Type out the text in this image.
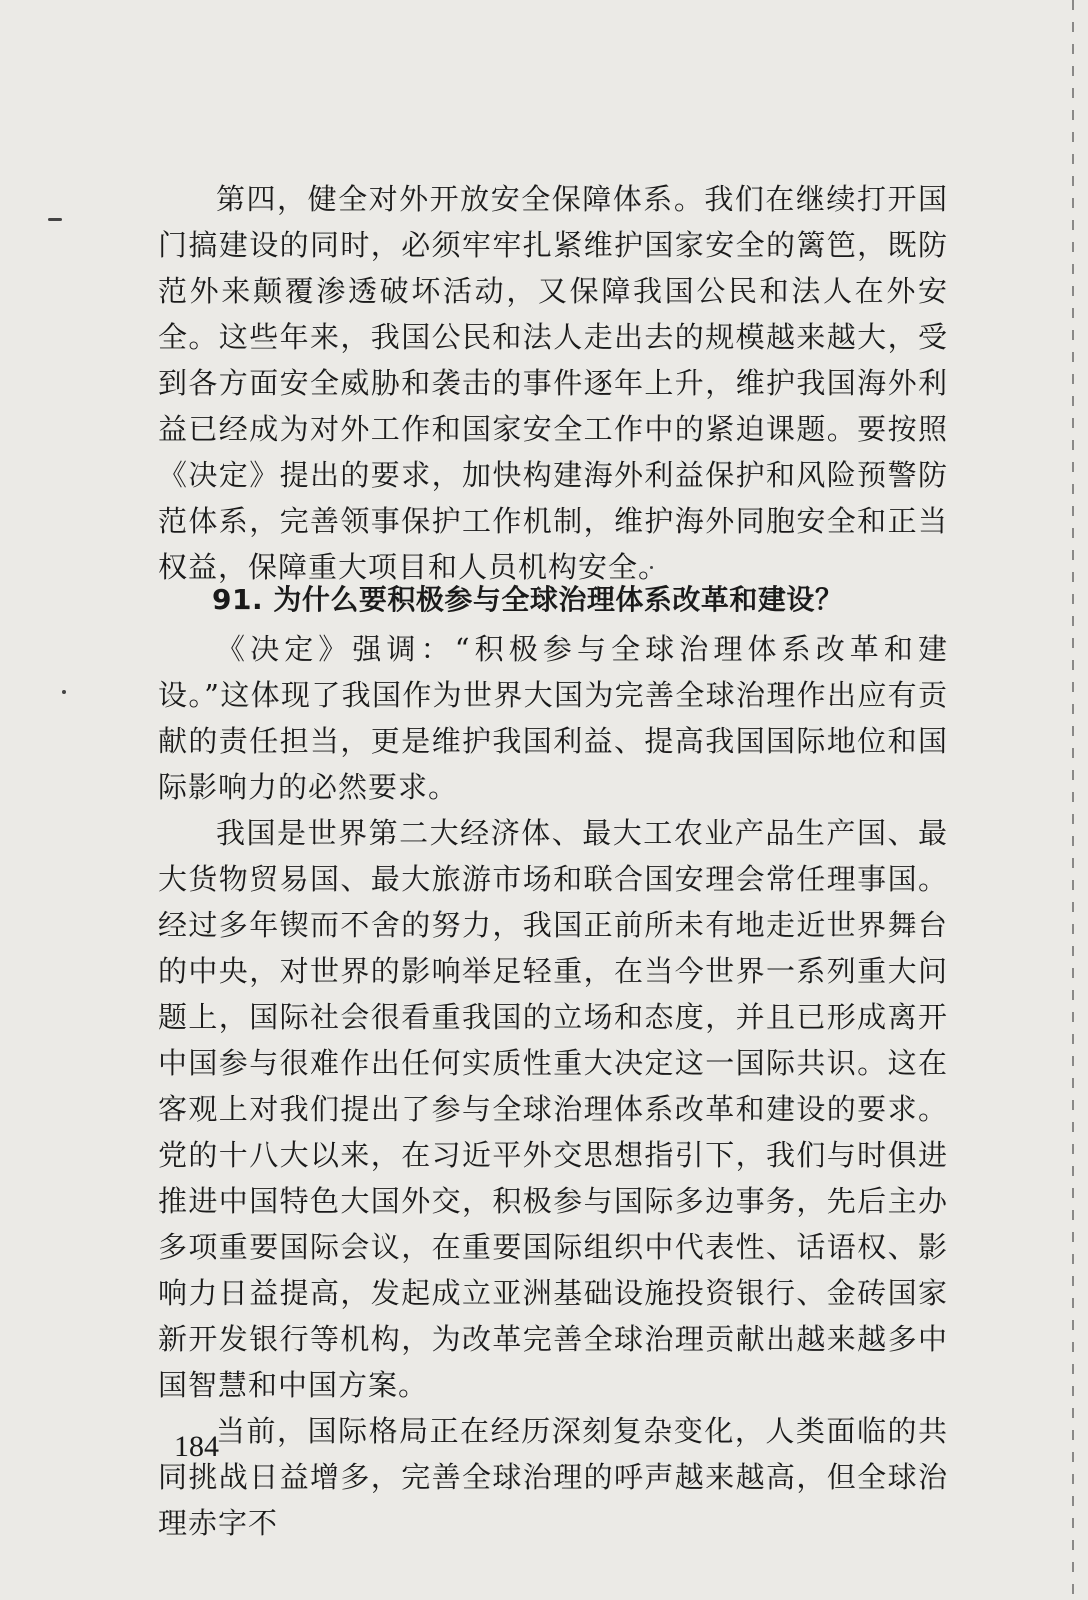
第四，健全对外开放安全保障体系。我们在继续打开国门搞建设的同时，必须牢牢扎紧维护国家安全的篱笆，既防范外来颠覆渗透破坏活动，又保障我国公民和法人在外安全。这些年来，我国公民和法人走出去的规模越来越大，受到各方面安全威胁和袭击的事件逐年上升，维护我国海外利益已经成为对外工作和国家安全工作中的紧迫课题。要按照《决定》提出的要求，加快构建海外利益保护和风险预警防范体系，完善领事保护工作机制，维护海外同胞安全和正当权益，保障重大项目和人员机构安全。

91. 为什么要积极参与全球治理体系改革和建设？

《决定》强调：“积极参与全球治理体系改革和建设。”这体现了我国作为世界大国为完善全球治理作出应有贡献的责任担当，更是维护我国利益、提高我国国际地位和国际影响力的必然要求。

我国是世界第二大经济体、最大工农业产品生产国、最大货物贸易国、最大旅游市场和联合国安理会常任理事国。经过多年锲而不舍的努力，我国正前所未有地走近世界舞台的中央，对世界的影响举足轻重，在当今世界一系列重大问题上，国际社会很看重我国的立场和态度，并且已形成离开中国参与很难作出任何实质性重大决定这一国际共识。这在客观上对我们提出了参与全球治理体系改革和建设的要求。党的十八大以来，在习近平外交思想指引下，我们与时俱进推进中国特色大国外交，积极参与国际多边事务，先后主办多项重要国际会议，在重要国际组织中代表性、话语权、影响力日益提高，发起成立亚洲基础设施投资银行、金砖国家新开发银行等机构，为改革完善全球治理贡献出越来越多中国智慧和中国方案。

当前，国际格局正在经历深刻复杂变化，人类面临的共同挑战日益增多，完善全球治理的呼声越来越高，但全球治理赤字不

184
